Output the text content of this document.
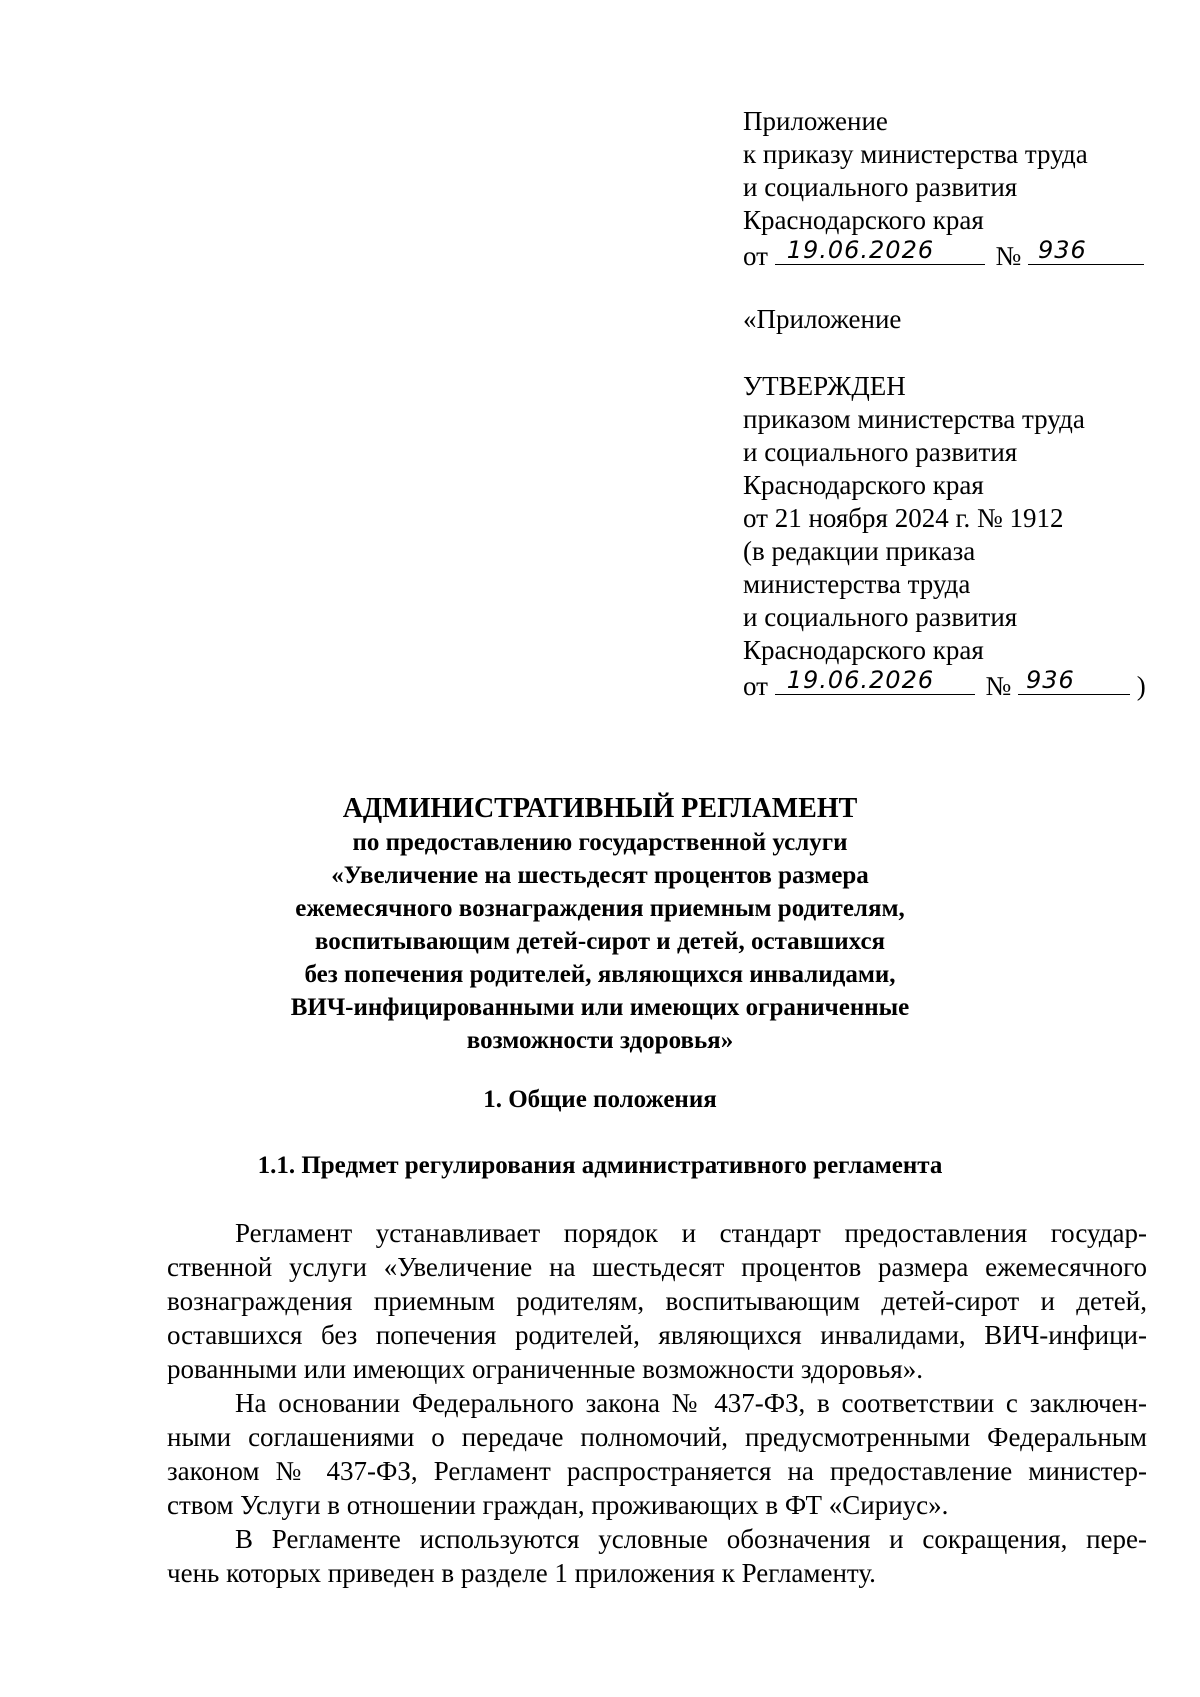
Приложение
к приказу министерства труда
и социального развития
Краснодарского края
от 19.06.2026 № 936
«Приложение
УТВЕРЖДЕН
приказом министерства труда
и социального развития
Краснодарского края
от 21 ноября 2024 г. № 1912
(в редакции приказа
министерства труда
и социального развития
Краснодарского края
от 19.06.2026 № 936 )
АДМИНИСТРАТИВНЫЙ РЕГЛАМЕНТ
по предоставлению государственной услуги
«Увеличение на шестьдесят процентов размера
ежемесячного вознаграждения приемным родителям,
воспитывающим детей-сирот и детей, оставшихся
без попечения родителей, являющихся инвалидами,
ВИЧ-инфицированными или имеющих ограниченные
возможности здоровья»
1. Общие положения
1.1. Предмет регулирования административного регламента
Регламент устанавливает порядок и стандарт предоставления государ-
ственной услуги «Увеличение на шестьдесят процентов размера ежемесячного
вознаграждения приемным родителям, воспитывающим детей-сирот и детей,
оставшихся без попечения родителей, являющихся инвалидами, ВИЧ-инфици-
рованными или имеющих ограниченные возможности здоровья».
На основании Федерального закона № 437-ФЗ, в соответствии с заключен-
ными соглашениями о передаче полномочий, предусмотренными Федеральным
законом № 437-ФЗ, Регламент распространяется на предоставление министер-
ством Услуги в отношении граждан, проживающих в ФТ «Сириус».
В Регламенте используются условные обозначения и сокращения, пере-
чень которых приведен в разделе 1 приложения к Регламенту.
